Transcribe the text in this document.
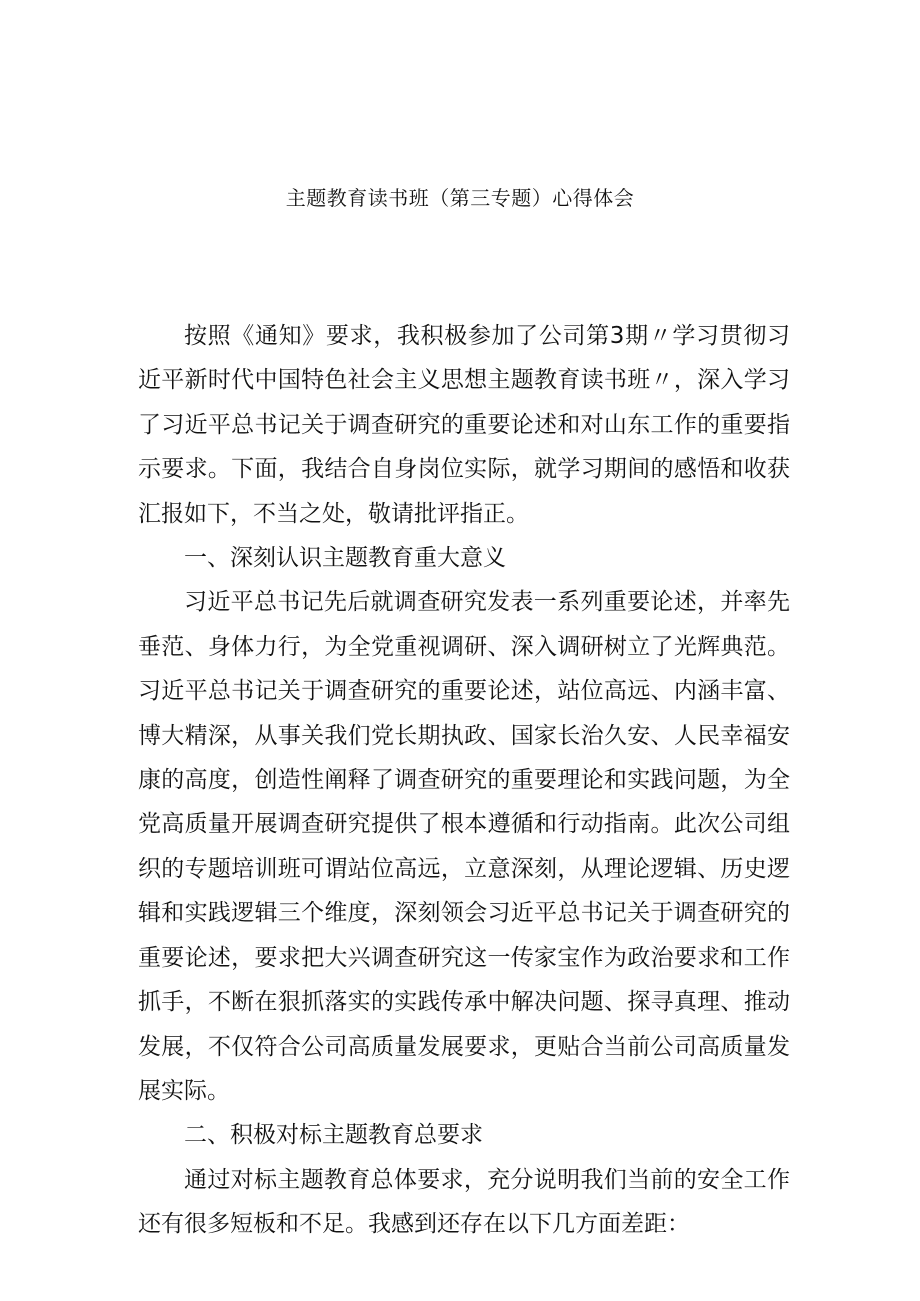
主题教育读书班（第三专题）心得体会

按照《通知》要求，我积极参加了公司第3期〃学习贯彻习近平新时代中国特色社会主义思想主题教育读书班〃，深入学习了习近平总书记关于调查研究的重要论述和对山东工作的重要指示要求。下面，我结合自身岗位实际，就学习期间的感悟和收获汇报如下，不当之处，敬请批评指正。

一、深刻认识主题教育重大意义

习近平总书记先后就调查研究发表一系列重要论述，并率先垂范、身体力行，为全党重视调研、深入调研树立了光辉典范。习近平总书记关于调查研究的重要论述，站位高远、内涵丰富、博大精深，从事关我们党长期执政、国家长治久安、人民幸福安康的高度，创造性阐释了调查研究的重要理论和实践问题，为全党高质量开展调查研究提供了根本遵循和行动指南。此次公司组织的专题培训班可谓站位高远，立意深刻，从理论逻辑、历史逻辑和实践逻辑三个维度，深刻领会习近平总书记关于调查研究的重要论述，要求把大兴调查研究这一传家宝作为政治要求和工作抓手，不断在狠抓落实的实践传承中解决问题、探寻真理、推动发展，不仅符合公司高质量发展要求，更贴合当前公司高质量发展实际。

二、积极对标主题教育总要求

通过对标主题教育总体要求，充分说明我们当前的安全工作还有很多短板和不足。我感到还存在以下几方面差距：
